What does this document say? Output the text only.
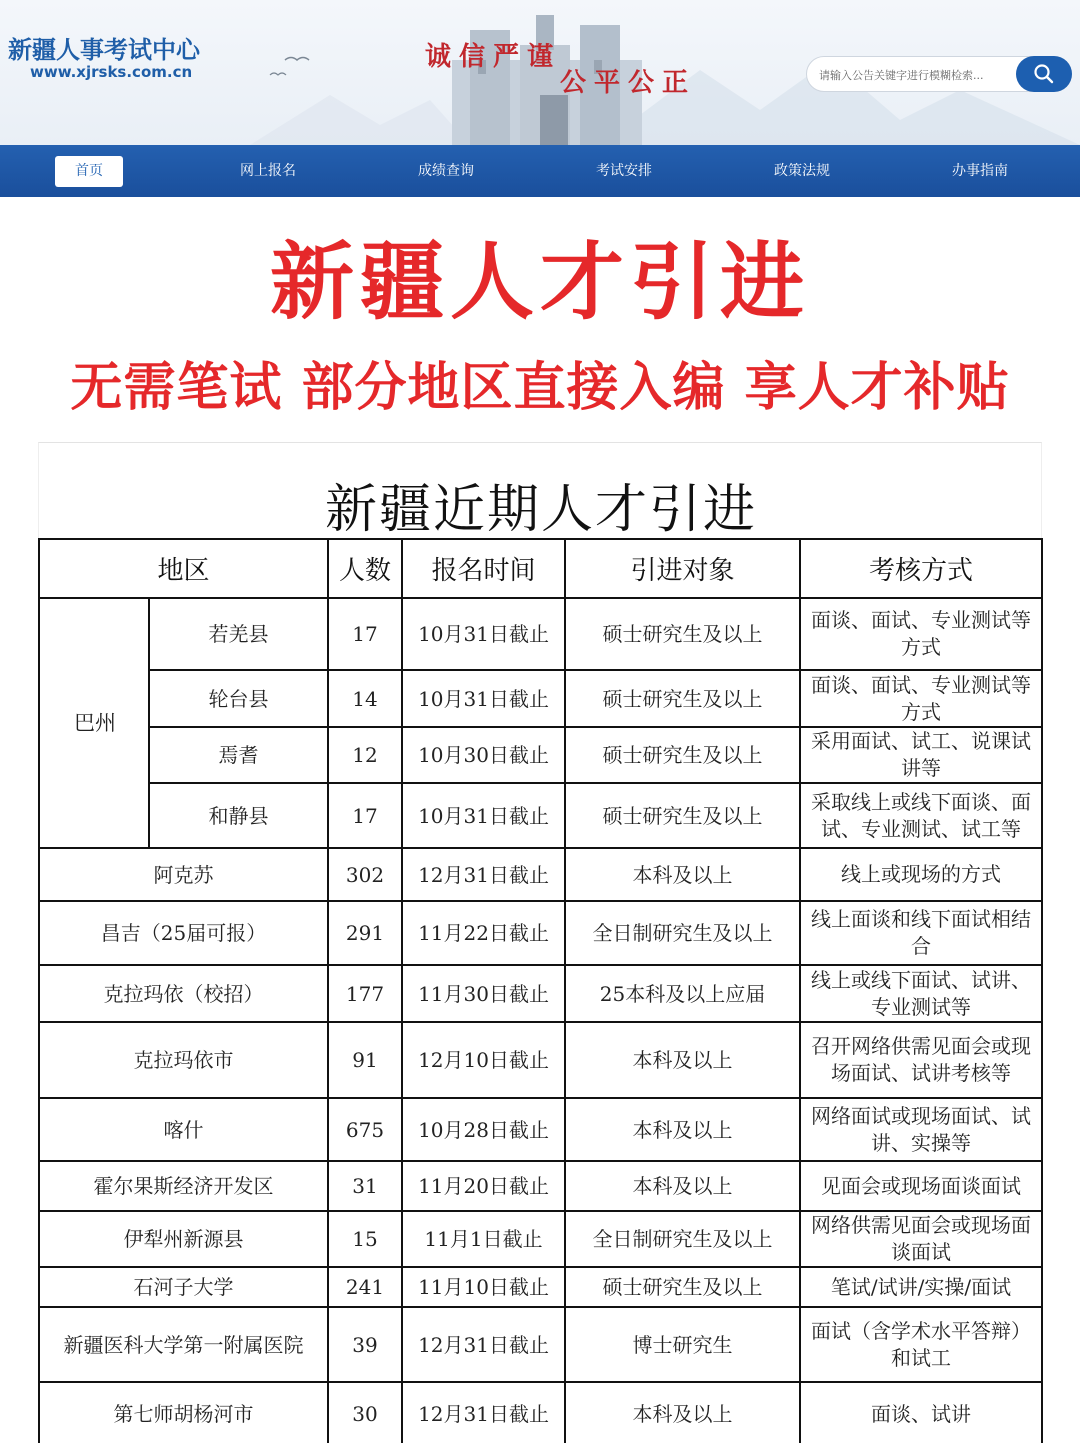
新疆人事考试中心
www.xjrsks.com.cn	诚信严谨
公平公正
请输入公告关键字进行模糊检索...
首页	网上报名	成绩查询	考试安排	政策法规	办事指南
新疆人才引进
无需笔试 部分地区直接入编 享人才补贴
新疆近期人才引进
地区		人数	报名时间	引进对象	考核方式
巴州	若羌县	17	10月31日截止	硕士研究生及以上	面谈、面试、专业测试等方式
	轮台县	14	10月31日截止	硕士研究生及以上	面谈、面试、专业测试等方式
	焉耆	12	10月30日截止	硕士研究生及以上	采用面试、试工、说课试讲等
	和静县	17	10月31日截止	硕士研究生及以上	采取线上或线下面谈、面试、专业测试、试工等
阿克苏		302	12月31日截止	本科及以上	线上或现场的方式
昌吉（25届可报）		291	11月22日截止	全日制研究生及以上	线上面谈和线下面试相结合
克拉玛依（校招）		177	11月30日截止	25本科及以上应届	线上或线下面试、试讲、专业测试等
克拉玛依市		91	12月10日截止	本科及以上	召开网络供需见面会或现场面试、试讲考核等
喀什		675	10月28日截止	本科及以上	网络面试或现场面试、试讲、实操等
霍尔果斯经济开发区		31	11月20日截止	本科及以上	见面会或现场面谈面试
伊犁州新源县		15	11月1日截止	全日制研究生及以上	网络供需见面会或现场面谈面试
石河子大学		241	11月10日截止	硕士研究生及以上	笔试/试讲/实操/面试
新疆医科大学第一附属医院		39	12月31日截止	博士研究生	面试（含学术水平答辩）和试工
第七师胡杨河市		30	12月31日截止	本科及以上	面谈、试讲
